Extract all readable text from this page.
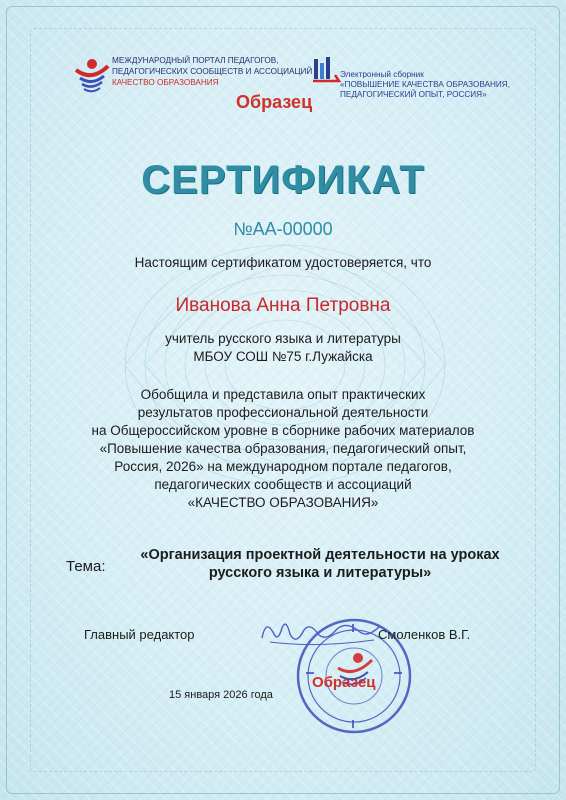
МЕЖДУНАРОДНЫЙ ПОРТАЛ ПЕДАГОГОВ,
ПЕДАГОГИЧЕСКИХ СООБЩЕСТВ И АССОЦИАЦИЙ
КАЧЕСТВО ОБРАЗОВАНИЯ
Электронный сборник
«ПОВЫШЕНИЕ КАЧЕСТВА ОБРАЗОВАНИЯ,
ПЕДАГОГИЧЕСКИЙ ОПЫТ, РОССИЯ»
Образец
СЕРТИФИКАТ
№АА-00000
Настоящим сертификатом удостоверяется, что
Иванова Анна Петровна
учитель русского языка и литературы
МБОУ СОШ №75 г.Лужайска
Обобщила и представила опыт практических
результатов профессиональной деятельности
на Общероссийском уровне в сборнике рабочих материалов
«Повышение качества образования, педагогический опыт,
Россия, 2026» на международном портале педагогов,
педагогических сообществ и ассоциаций
«КАЧЕСТВО ОБРАЗОВАНИЯ»
Тема:
«Организация проектной деятельности на уроках
русского языка и литературы»
Главный редактор	Смоленков В.Г.
Образец
15 января 2026 года
